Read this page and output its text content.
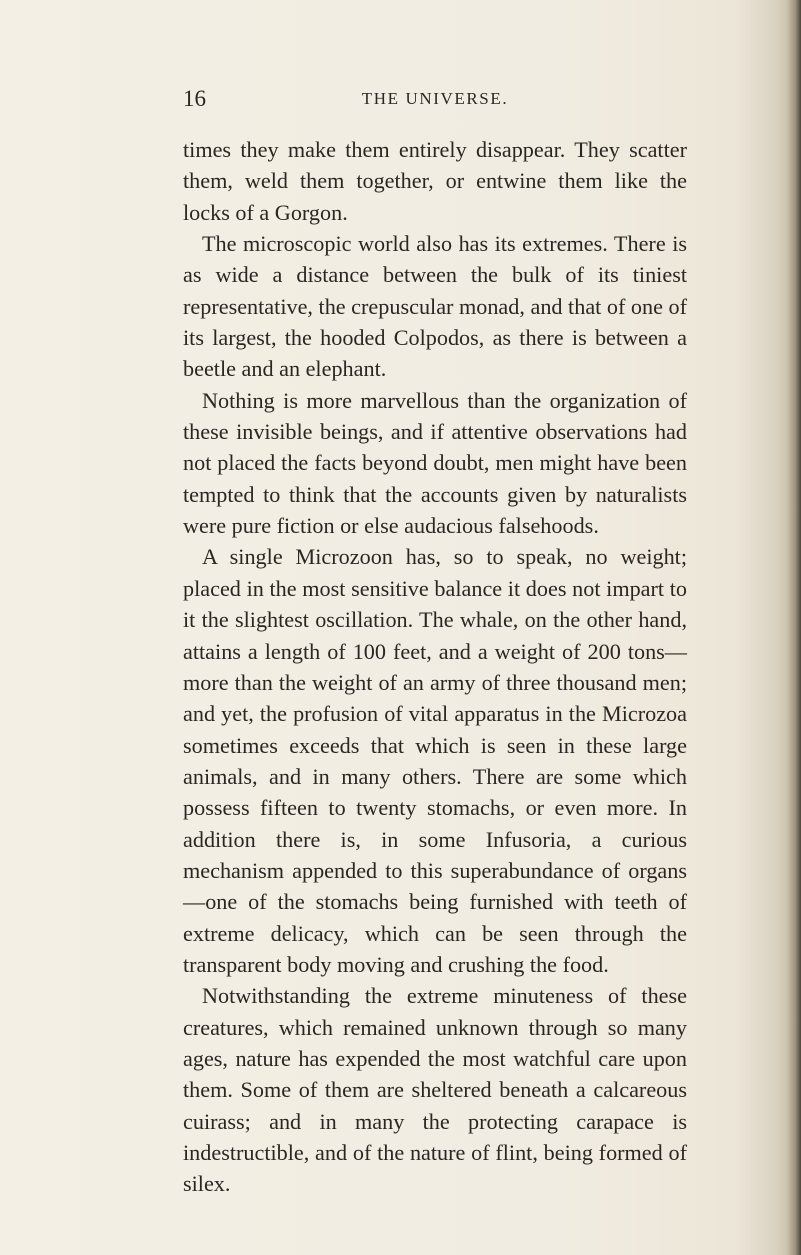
16	THE UNIVERSE.

times they make them entirely disappear. They scatter them, weld them together, or entwine them like the locks of a Gorgon.

The microscopic world also has its extremes. There is as wide a distance between the bulk of its tiniest representative, the crepuscular monad, and that of one of its largest, the hooded Colpodos, as there is between a beetle and an elephant.

Nothing is more marvellous than the organization of these invisible beings, and if attentive observations had not placed the facts beyond doubt, men might have been tempted to think that the accounts given by naturalists were pure fiction or else audacious falsehoods.

A single Microzoon has, so to speak, no weight; placed in the most sensitive balance it does not impart to it the slightest oscillation. The whale, on the other hand, attains a length of 100 feet, and a weight of 200 tons—more than the weight of an army of three thousand men; and yet, the profusion of vital apparatus in the Microzoa sometimes exceeds that which is seen in these large animals, and in many others. There are some which possess fifteen to twenty stomachs, or even more. In addition there is, in some Infusoria, a curious mechanism appended to this superabundance of organs—one of the stomachs being furnished with teeth of extreme delicacy, which can be seen through the transparent body moving and crushing the food.

Notwithstanding the extreme minuteness of these creatures, which remained unknown through so many ages, nature has expended the most watchful care upon them. Some of them are sheltered beneath a calcareous cuirass; and in many the protecting carapace is indestructible, and of the nature of flint, being formed of silex.
